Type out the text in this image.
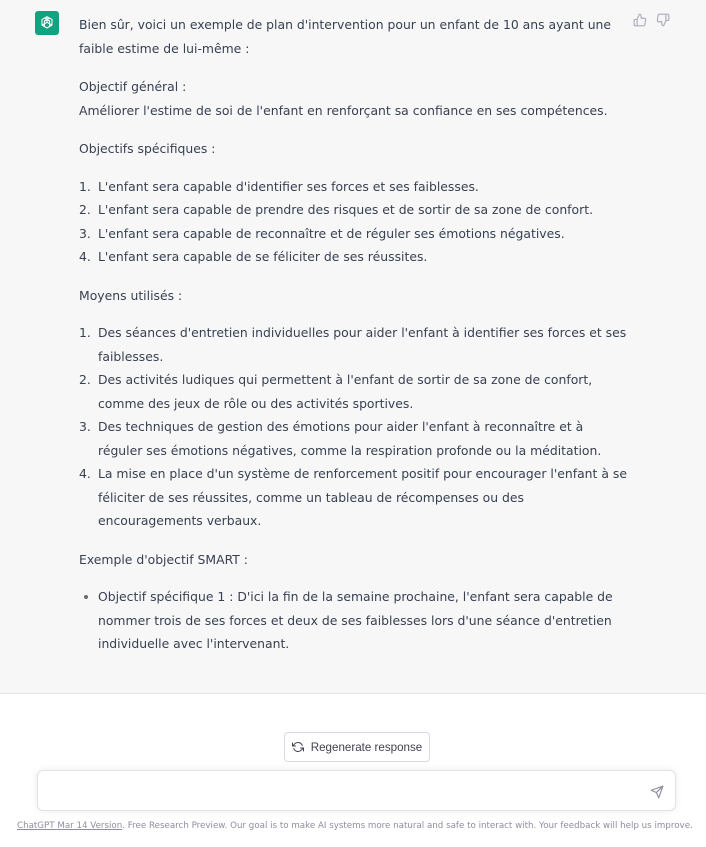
Bien sûr, voici un exemple de plan d'intervention pour un enfant de 10 ans ayant une faible estime de lui-même :

Objectif général :

Améliorer l'estime de soi de l'enfant en renforçant sa confiance en ses compétences.

Objectifs spécifiques :

1. L'enfant sera capable d'identifier ses forces et ses faiblesses.
2. L'enfant sera capable de prendre des risques et de sortir de sa zone de confort.
3. L'enfant sera capable de reconnaître et de réguler ses émotions négatives.
4. L'enfant sera capable de se féliciter de ses réussites.

Moyens utilisés :

1. Des séances d'entretien individuelles pour aider l'enfant à identifier ses forces et ses faiblesses.
2. Des activités ludiques qui permettent à l'enfant de sortir de sa zone de confort, comme des jeux de rôle ou des activités sportives.
3. Des techniques de gestion des émotions pour aider l'enfant à reconnaître et à réguler ses émotions négatives, comme la respiration profonde ou la méditation.
4. La mise en place d'un système de renforcement positif pour encourager l'enfant à se féliciter de ses réussites, comme un tableau de récompenses ou des encouragements verbaux.

Exemple d'objectif SMART :

Objectif spécifique 1 : D'ici la fin de la semaine prochaine, l'enfant sera capable de nommer trois de ses forces et deux de ses faiblesses lors d'une séance d'entretien individuelle avec l'intervenant.
Regenerate response
ChatGPT Mar 14 Version. Free Research Preview. Our goal is to make AI systems more natural and safe to interact with. Your feedback will help us improve.
